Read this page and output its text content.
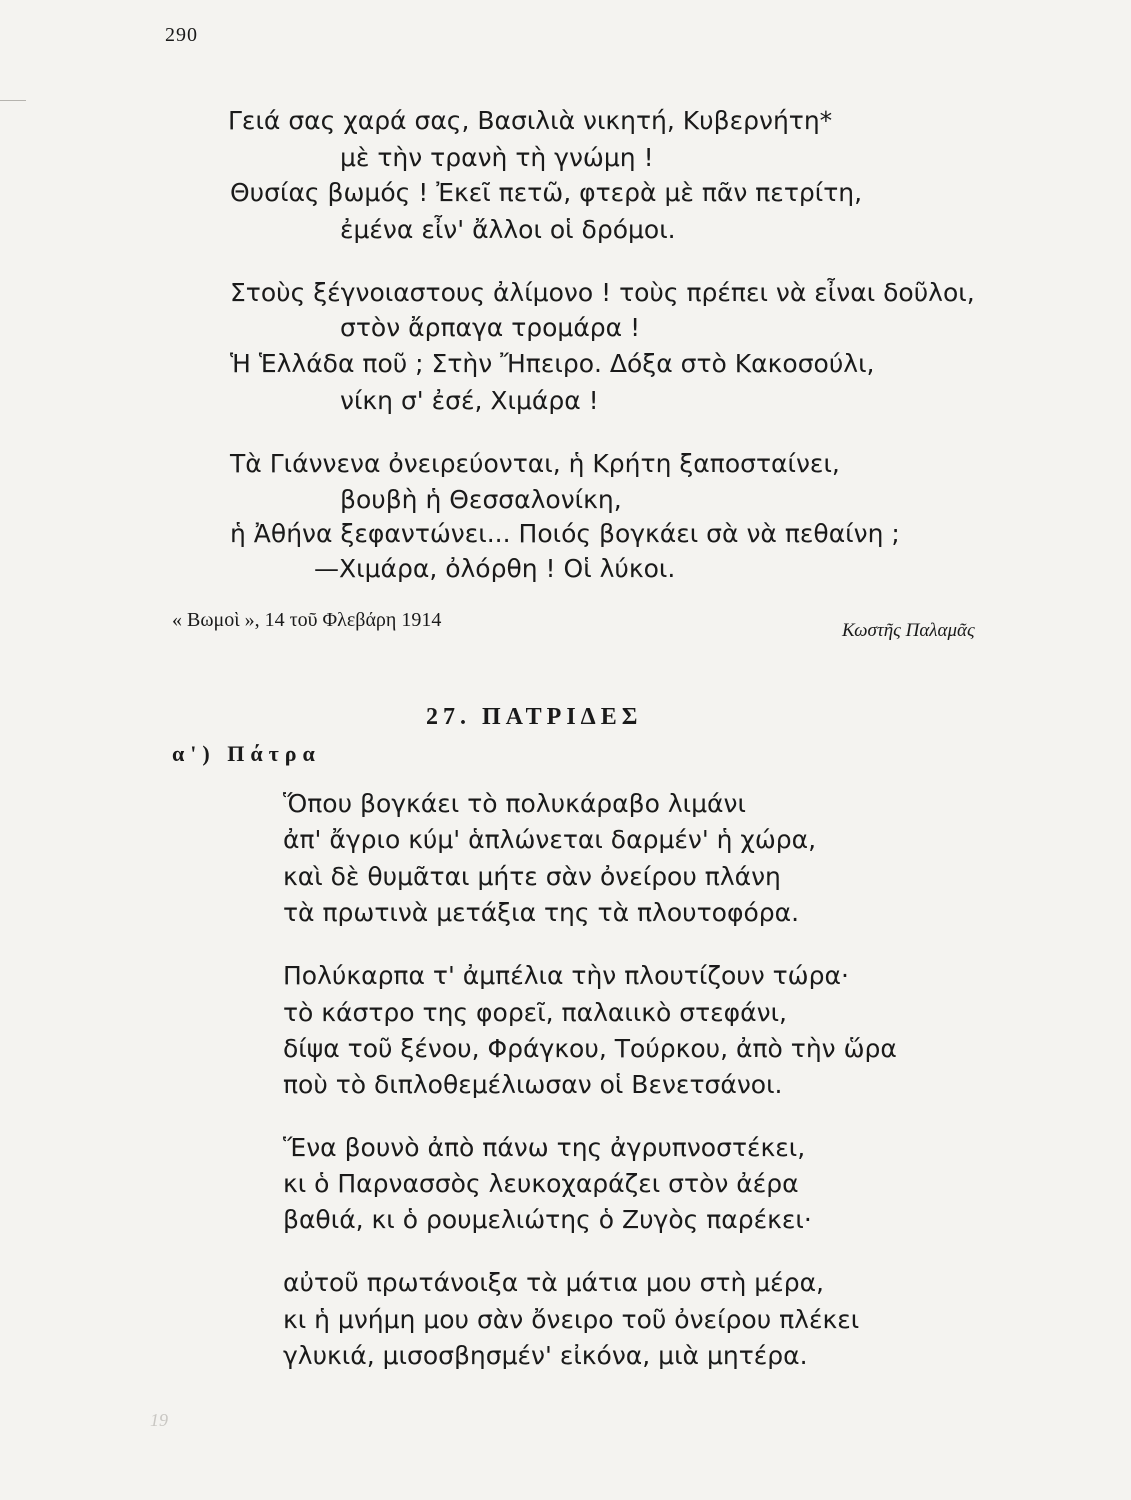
290
Γειά σας χαρά σας, Βασιλιὰ νικητή, Κυβερνήτη*
μὲ τὴν τρανὴ τὴ γνώμη !
Θυσίας βωμός ! Ἐκεῖ πετῶ, φτερὰ μὲ πᾶν πετρίτη,
ἐμένα εἶν' ἄλλοι οἱ δρόμοι.
Στοὺς ξέγνοιαστους ἀλίμονο ! τοὺς πρέπει νὰ εἶναι δοῦλοι,
στὸν ἄρπαγα τρομάρα !
Ἡ Ἑλλάδα ποῦ ; Στὴν Ἤπειρο. Δόξα στὸ Κακοσούλι,
νίκη σ' ἐσέ, Χιμάρα !
Τὰ Γιάννενα ὀνειρεύονται, ἡ Κρήτη ξαποσταίνει,
βουβὴ ἡ Θεσσαλονίκη,
ἡ Ἀθήνα ξεφαντώνει... Ποιός βογκάει σὰ νὰ πεθαίνη ;
—Χιμάρα, ὀλόρθη ! Οἱ λύκοι.
« Βωμοὶ », 14 τοῦ Φλεβάρη 1914	Κωστῆς Παλαμᾶς
27. ΠΑΤΡΙΔΕΣ
α') Πάτρα
Ὅπου βογκάει τὸ πολυκάραβο λιμάνι
ἀπ' ἄγριο κύμ' ἁπλώνεται δαρμέν' ἡ χώρα,
καὶ δὲ θυμᾶται μήτε σὰν ὀνείρου πλάνη
τὰ πρωτινὰ μετάξια της τὰ πλουτοφόρα.
Πολύκαρπα τ' ἀμπέλια τὴν πλουτίζουν τώρα·
τὸ κάστρο της φορεῖ, παλαιικὸ στεφάνι,
δίψα τοῦ ξένου, Φράγκου, Τούρκου, ἀπὸ τὴν ὥρα
ποὺ τὸ διπλοθεμέλιωσαν οἱ Βενετσάνοι.
Ἕνα βουνὸ ἀπὸ πάνω της ἀγρυπνοστέκει,
κι ὁ Παρνασσὸς λευκοχαράζει στὸν ἀέρα
βαθιά, κι ὁ ρουμελιώτης ὁ Ζυγὸς παρέκει·
αὐτοῦ πρωτάνοιξα τὰ μάτια μου στὴ μέρα,
κι ἡ μνήμη μου σὰν ὄνειρο τοῦ ὀνείρου πλέκει
γλυκιά, μισοσβησμέν' εἰκόνα, μιὰ μητέρα.
19
